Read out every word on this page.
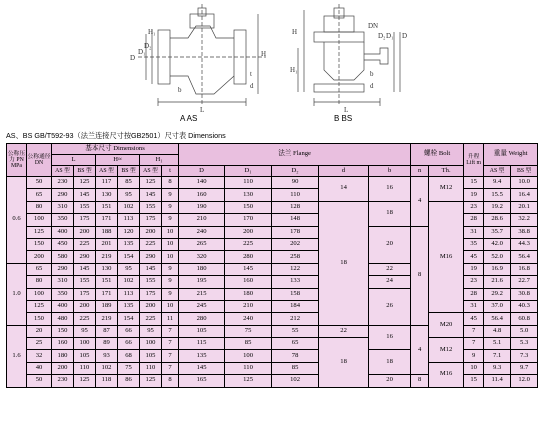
H₁
D
D₁
D₂
H
t
d
b
L
H
H₁
DN
D₂ D₁ D
b
d
L
A AS	B BS
AS、BS GB/T592-93（法兰连接尺寸按GB2501）尺寸表 Dimensions
公称压力 PN MPa	公称通径 DN	基本尺寸 Dimensions						法兰 Flange					螺栓 Bolt		升程 Lift m	重量 Weight	
		L		H≈		H₁											
		AS 型	BS 型	AS 型	BS 型	AS 型	t	D	D₁	D₂	d	b	n	Th.		AS 型	BS 型
0.6	50	230	125	117	85	125	8	140	110	90	14	16	4	M12	15	9.4	10.0
	65	290	145	130	95	145	9	160	130	110					19	15.5	16.4
	80	310	155	151	102	155	9	190	150	128	18	18		M16	23	19.2	20.1
	100	350	175	171	113	175	9	210	170	148					28	28.6	32.2
	125	400	200	188	120	200	10	240	200	178		20	8		31	35.7	38.8
	150	450	225	201	135	225	10	265	225	202					35	42.0	44.3
	200	580	290	219	154	290	10	320	280	258					45	52.0	56.4
1.0	65	290	145	130	95	145	9	180	145	122		22			19	16.9	16.8
	80	310	155	151	102	155	9	195	160	133		24			23	21.6	22.7
	100	350	175	171	113	175	9	215	180	158		26			28	29.2	30.8
	125	400	200	189	135	200	10	245	210	184					31	37.0	40.3
	150	480	225	219	154	225	11	280	240	212				M20	45	56.4	60.8
1.6	20	150	95	87	66	95	7	105	75	55	22	16	4		7	4.8	5.0
	25	160	100	89	66	100	7	115	85	65	18			M12	7	5.1	5.3
	32	180	105	93	68	105	7	135	100	78		18			9	7.1	7.3
	40	200	110	102	75	110	7	145	110	85				M16	10	9.3	9.7
	50	230	125	118	86	125	8	165	125	102		20	8		15	11.4	12.0
